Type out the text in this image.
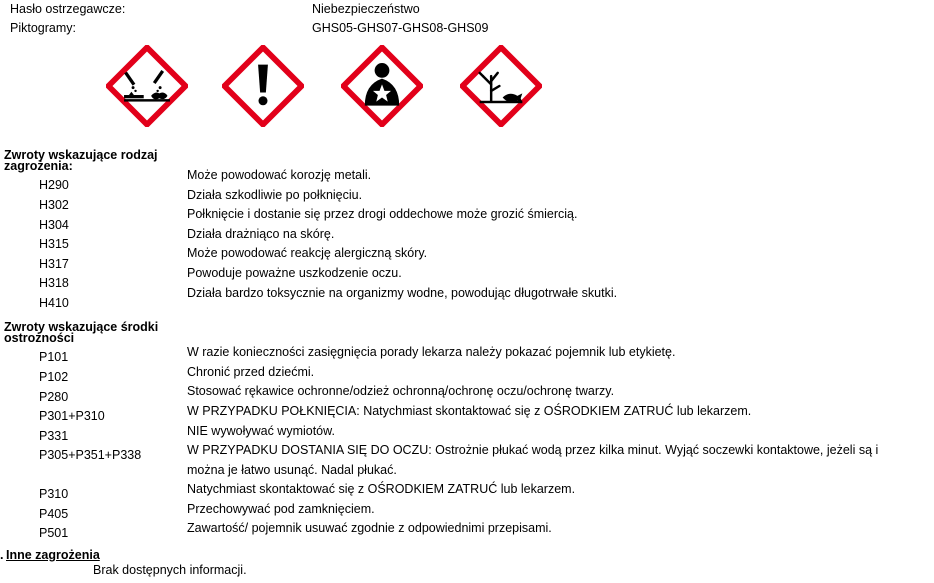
Hasło ostrzegawcze:	Niebezpieczeństwo
Piktogramy:	GHS05-GHS07-GHS08-GHS09
Zwroty wskazujące rodzaj
zagrożenia:
H290
H302
H304
H315
H317
H318
H410
Może powodować korozję metali.
Działa szkodliwie po połknięciu.
Połknięcie i dostanie się przez drogi oddechowe może grozić śmiercią.
Działa drażniąco na skórę.
Może powodować reakcję alergiczną skóry.
Powoduje poważne uszkodzenie oczu.
Działa bardzo toksycznie na organizmy wodne, powodując długotrwałe skutki.
Zwroty wskazujące środki
ostrożności
P101
P102
P280
P301+P310
P331
P305+P351+P338
P310
P405
P501
W razie konieczności zasięgnięcia porady lekarza należy pokazać pojemnik lub etykietę.
Chronić przed dziećmi.
Stosować rękawice ochronne/odzież ochronną/ochronę oczu/ochronę twarzy.
W PRZYPADKU POŁKNIĘCIA: Natychmiast skontaktować się z OŚRODKIEM ZATRUĆ lub lekarzem.
NIE wywoływać wymiotów.
W PRZYPADKU DOSTANIA SIĘ DO OCZU: Ostrożnie płukać wodą przez kilka minut. Wyjąć soczewki kontaktowe, jeżeli są i
można je łatwo usunąć. Nadal płukać.
Natychmiast skontaktować się z OŚRODKIEM ZATRUĆ lub lekarzem.
Przechowywać pod zamknięciem.
Zawartość/ pojemnik usuwać zgodnie z odpowiednimi przepisami.
. Inne zagrożenia
Brak dostępnych informacji.
